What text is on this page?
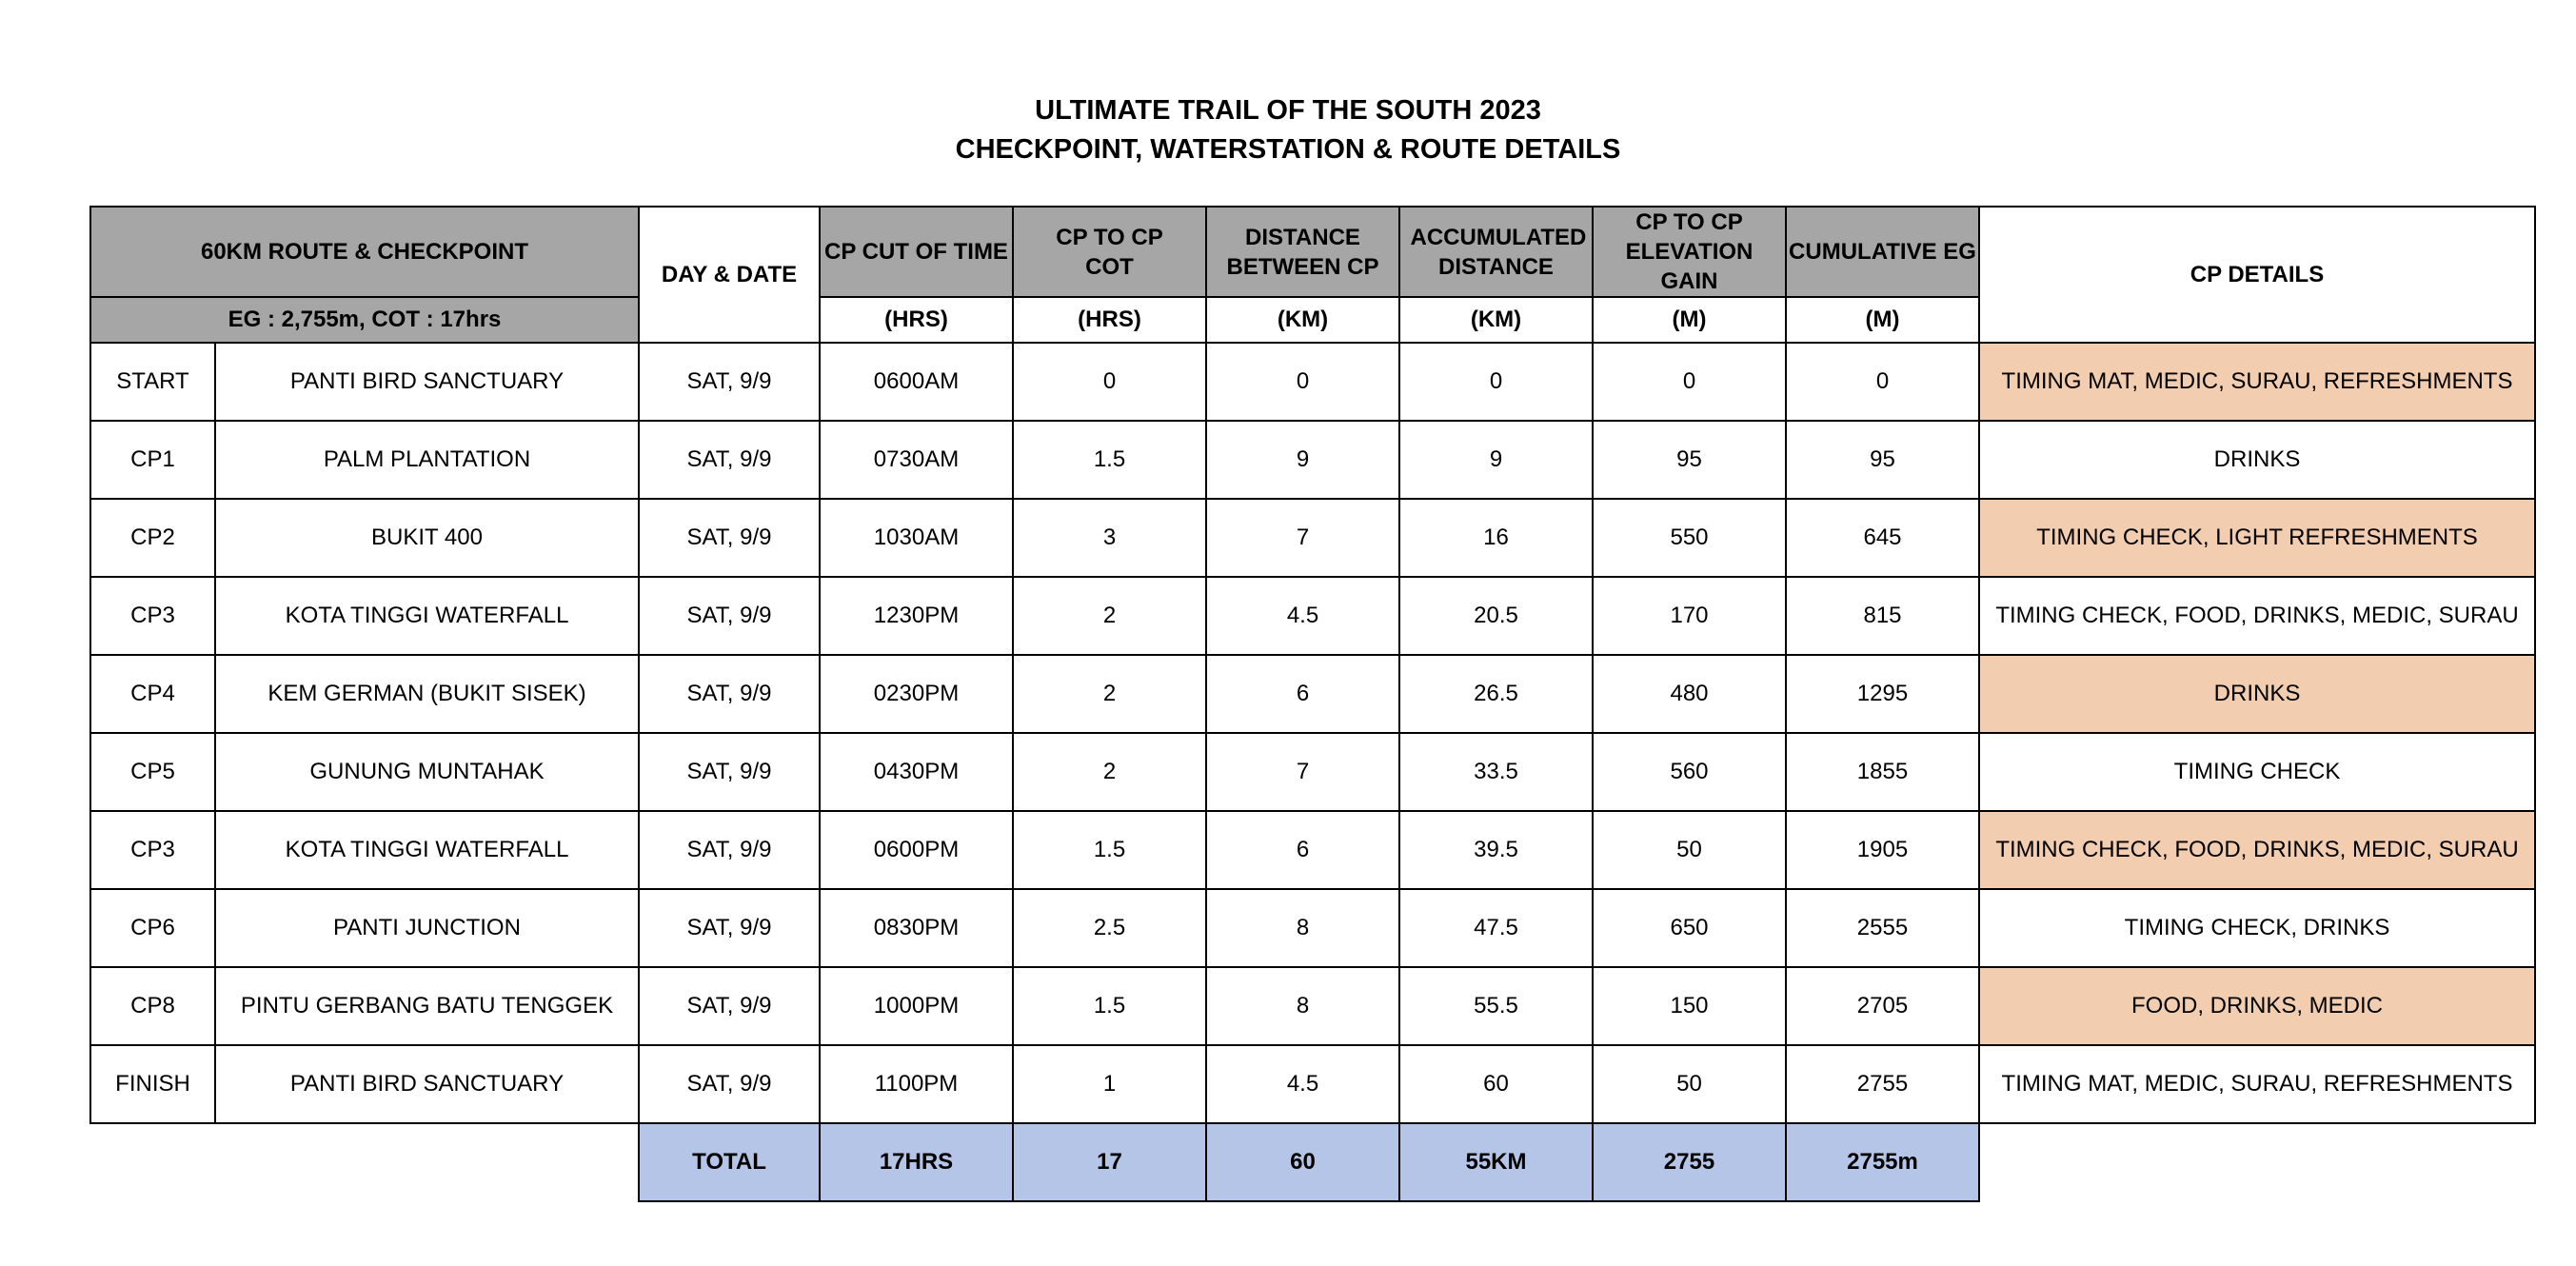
ULTIMATE TRAIL OF THE SOUTH 2023
CHECKPOINT, WATERSTATION & ROUTE DETAILS
60KM ROUTE & CHECKPOINT		DAY & DATE	CP CUT OF TIME	CP TO CP COT	DISTANCE BETWEEN CP	ACCUMULATED DISTANCE	CP TO CP ELEVATION GAIN	CUMULATIVE EG	CP DETAILS
EG : 2,755m, COT : 17hrs			(HRS)	(HRS)	(KM)	(KM)	(M)	(M)	
START	PANTI BIRD SANCTUARY	SAT, 9/9	0600AM	0	0	0	0	0	TIMING MAT, MEDIC, SURAU, REFRESHMENTS
CP1	PALM PLANTATION	SAT, 9/9	0730AM	1.5	9	9	95	95	DRINKS
CP2	BUKIT 400	SAT, 9/9	1030AM	3	7	16	550	645	TIMING CHECK, LIGHT REFRESHMENTS
CP3	KOTA TINGGI WATERFALL	SAT, 9/9	1230PM	2	4.5	20.5	170	815	TIMING CHECK, FOOD, DRINKS, MEDIC, SURAU
CP4	KEM GERMAN (BUKIT SISEK)	SAT, 9/9	0230PM	2	6	26.5	480	1295	DRINKS
CP5	GUNUNG MUNTAHAK	SAT, 9/9	0430PM	2	7	33.5	560	1855	TIMING CHECK
CP3	KOTA TINGGI WATERFALL	SAT, 9/9	0600PM	1.5	6	39.5	50	1905	TIMING CHECK, FOOD, DRINKS, MEDIC, SURAU
CP6	PANTI JUNCTION	SAT, 9/9	0830PM	2.5	8	47.5	650	2555	TIMING CHECK, DRINKS
CP8	PINTU GERBANG BATU TENGGEK	SAT, 9/9	1000PM	1.5	8	55.5	150	2705	FOOD, DRINKS, MEDIC
FINISH	PANTI BIRD SANCTUARY	SAT, 9/9	1100PM	1	4.5	60	50	2755	TIMING MAT, MEDIC, SURAU, REFRESHMENTS
		TOTAL	17HRS	17	60	55KM	2755	2755m	
